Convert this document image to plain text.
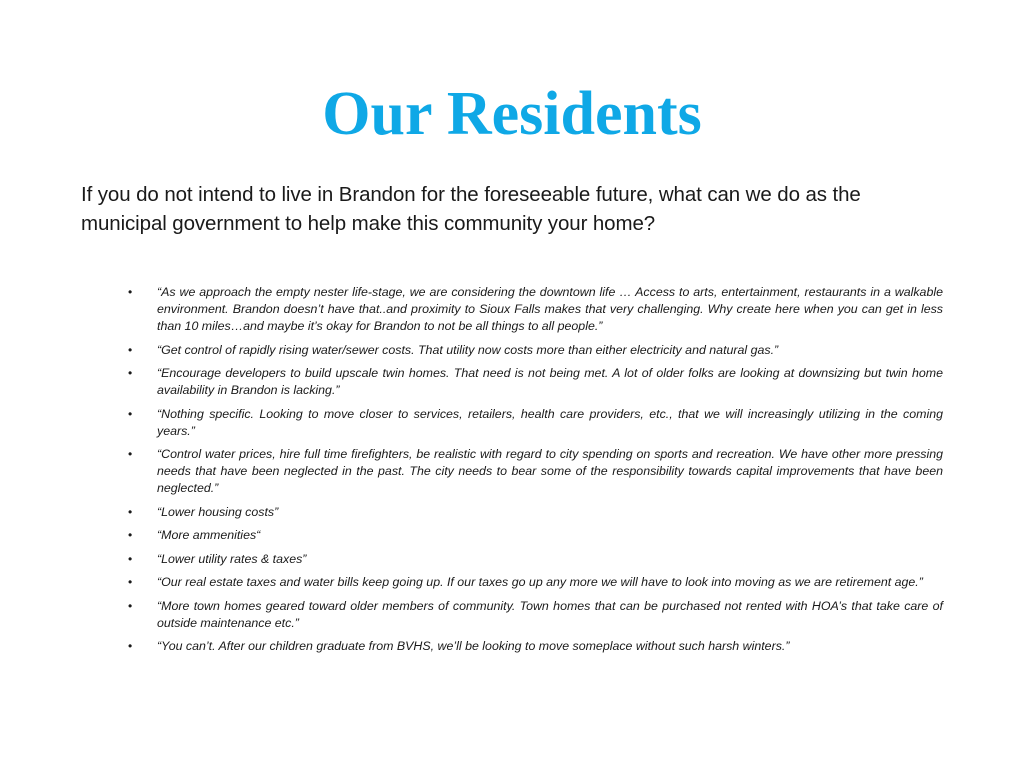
Our Residents

If you do not intend to live in Brandon for the foreseeable future, what can we do as the municipal government to help make this community your home?

•	“As we approach the empty nester life-stage, we are considering the downtown life … Access to arts, entertainment, restaurants in a walkable environment. Brandon doesn’t have that..and proximity to Sioux Falls makes that very challenging. Why create here when you can get in less than 10 miles…and maybe it’s okay for Brandon to not be all things to all people.”
•	“Get control of rapidly rising water/sewer costs. That utility now costs more than either electricity and natural gas.”
•	“Encourage developers to build upscale twin homes. That need is not being met. A lot of older folks are looking at downsizing but twin home availability in Brandon is lacking.”
•	“Nothing specific. Looking to move closer to services, retailers, health care providers, etc., that we will increasingly utilizing in the coming years.”
•	“Control water prices, hire full time firefighters, be realistic with regard to city spending on sports and recreation. We have other more pressing needs that have been neglected in the past. The city needs to bear some of the responsibility towards capital improvements that have been neglected.”
•	“Lower housing costs”
•	“More ammenities“
•	“Lower utility rates & taxes”
•	“Our real estate taxes and water bills keep going up. If our taxes go up any more we will have to look into moving as we are retirement age.”
•	“More town homes geared toward older members of community. Town homes that can be purchased not rented with HOA’s that take care of outside maintenance etc.”
•	“You can’t. After our children graduate from BVHS, we’ll be looking to move someplace without such harsh winters.”
